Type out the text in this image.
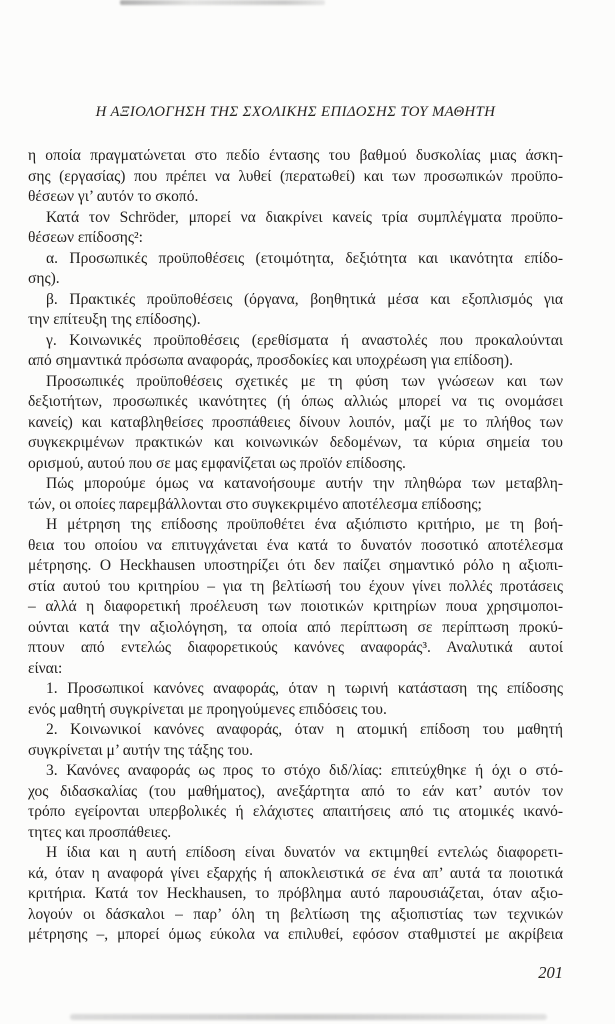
Η ΑΞΙΟΛΟΓΗΣΗ ΤΗΣ ΣΧΟΛΙΚΗΣ ΕΠΙΔΟΣΗΣ ΤΟΥ ΜΑΘΗΤΗ
η οποία πραγματώνεται στο πεδίο έντασης του βαθμού δυσκολίας μιας άσκη-
σης (εργασίας) που πρέπει να λυθεί (περατωθεί) και των προσωπικών προϋπο-
θέσεων γι’ αυτόν το σκοπό.
Κατά τον Schröder, μπορεί να διακρίνει κανείς τρία συμπλέγματα προϋπο-
θέσεων επίδοσης²:
α. Προσωπικές προϋποθέσεις (ετοιμότητα, δεξιότητα και ικανότητα επίδο-
σης).
β. Πρακτικές προϋποθέσεις (όργανα, βοηθητικά μέσα και εξοπλισμός για
την επίτευξη της επίδοσης).
γ. Κοινωνικές προϋποθέσεις (ερεθίσματα ή αναστολές που προκαλούνται
από σημαντικά πρόσωπα αναφοράς, προσδοκίες και υποχρέωση για επίδοση).
Προσωπικές προϋποθέσεις σχετικές με τη φύση των γνώσεων και των
δεξιοτήτων, προσωπικές ικανότητες (ή όπως αλλιώς μπορεί να τις ονομάσει
κανείς) και καταβληθείσες προσπάθειες δίνουν λοιπόν, μαζί με το πλήθος των
συγκεκριμένων πρακτικών και κοινωνικών δεδομένων, τα κύρια σημεία του
ορισμού, αυτού που σε μας εμφανίζεται ως προϊόν επίδοσης.
Πώς μπορούμε όμως να κατανοήσουμε αυτήν την πληθώρα των μεταβλη-
τών, οι οποίες παρεμβάλλονται στο συγκεκριμένο αποτέλεσμα επίδοσης;
Η μέτρηση της επίδοσης προϋποθέτει ένα αξιόπιστο κριτήριο, με τη βοή-
θεια του οποίου να επιτυγχάνεται ένα κατά το δυνατόν ποσοτικό αποτέλεσμα
μέτρησης. Ο Heckhausen υποστηρίζει ότι δεν παίζει σημαντικό ρόλο η αξιοπι-
στία αυτού του κριτηρίου – για τη βελτίωσή του έχουν γίνει πολλές προτάσεις
– αλλά η διαφορετική προέλευση των ποιοτικών κριτηρίων πουα χρησιμοποι-
ούνται κατά την αξιολόγηση, τα οποία από περίπτωση σε περίπτωση προκύ-
πτουν από εντελώς διαφορετικούς κανόνες αναφοράς³. Αναλυτικά αυτοί
είναι:
1. Προσωπικοί κανόνες αναφοράς, όταν η τωρινή κατάσταση της επίδοσης
ενός μαθητή συγκρίνεται με προηγούμενες επιδόσεις του.
2. Κοινωνικοί κανόνες αναφοράς, όταν η ατομική επίδοση του μαθητή
συγκρίνεται μ’ αυτήν της τάξης του.
3. Κανόνες αναφοράς ως προς το στόχο διδ/λίας: επιτεύχθηκε ή όχι ο στό-
χος διδασκαλίας (του μαθήματος), ανεξάρτητα από το εάν κατ’ αυτόν τον
τρόπο εγείρονται υπερβολικές ή ελάχιστες απαιτήσεις από τις ατομικές ικανό-
τητες και προσπάθειες.
Η ίδια και η αυτή επίδοση είναι δυνατόν να εκτιμηθεί εντελώς διαφορετι-
κά, όταν η αναφορά γίνει εξαρχής ή αποκλειστικά σε ένα απ’ αυτά τα ποιοτικά
κριτήρια. Κατά τον Heckhausen, το πρόβλημα αυτό παρουσιάζεται, όταν αξιο-
λογούν οι δάσκαλοι – παρ’ όλη τη βελτίωση της αξιοπιστίας των τεχνικών
μέτρησης –, μπορεί όμως εύκολα να επιλυθεί, εφόσον σταθμιστεί με ακρίβεια
201
